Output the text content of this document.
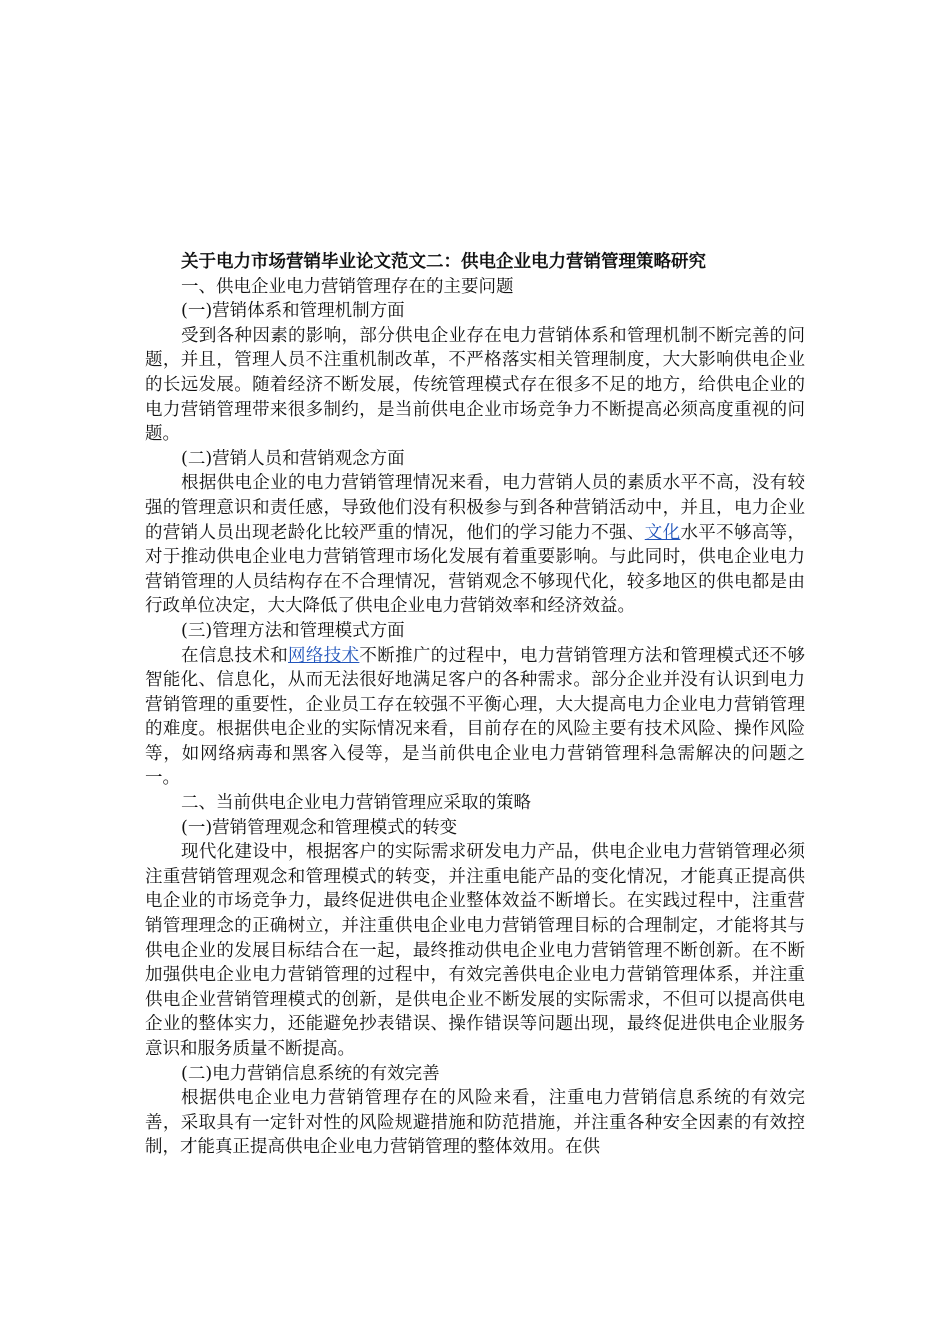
关于电力市场营销毕业论文范文二：供电企业电力营销管理策略研究

一、供电企业电力营销管理存在的主要问题

(一)营销体系和管理机制方面

受到各种因素的影响，部分供电企业存在电力营销体系和管理机制不断完善的问题，并且，管理人员不注重机制改革，不严格落实相关管理制度，大大影响供电企业的长远发展。随着经济不断发展，传统管理模式存在很多不足的地方，给供电企业的电力营销管理带来很多制约，是当前供电企业市场竞争力不断提高必须高度重视的问题。

(二)营销人员和营销观念方面

根据供电企业的电力营销管理情况来看，电力营销人员的素质水平不高，没有较强的管理意识和责任感，导致他们没有积极参与到各种营销活动中，并且，电力企业的营销人员出现老龄化比较严重的情况，他们的学习能力不强、文化水平不够高等，对于推动供电企业电力营销管理市场化发展有着重要影响。与此同时，供电企业电力营销管理的人员结构存在不合理情况，营销观念不够现代化，较多地区的供电都是由行政单位决定，大大降低了供电企业电力营销效率和经济效益。

(三)管理方法和管理模式方面

在信息技术和网络技术不断推广的过程中，电力营销管理方法和管理模式还不够智能化、信息化，从而无法很好地满足客户的各种需求。部分企业并没有认识到电力营销管理的重要性，企业员工存在较强不平衡心理，大大提高电力企业电力营销管理的难度。根据供电企业的实际情况来看，目前存在的风险主要有技术风险、操作风险等，如网络病毒和黑客入侵等，是当前供电企业电力营销管理科急需解决的问题之一。

二、当前供电企业电力营销管理应采取的策略

(一)营销管理观念和管理模式的转变

现代化建设中，根据客户的实际需求研发电力产品，供电企业电力营销管理必须注重营销管理观念和管理模式的转变，并注重电能产品的变化情况，才能真正提高供电企业的市场竞争力，最终促进供电企业整体效益不断增长。在实践过程中，注重营销管理理念的正确树立，并注重供电企业电力营销管理目标的合理制定，才能将其与供电企业的发展目标结合在一起，最终推动供电企业电力营销管理不断创新。在不断加强供电企业电力营销管理的过程中，有效完善供电企业电力营销管理体系，并注重供电企业营销管理模式的创新，是供电企业不断发展的实际需求，不但可以提高供电企业的整体实力，还能避免抄表错误、操作错误等问题出现，最终促进供电企业服务意识和服务质量不断提高。

(二)电力营销信息系统的有效完善

根据供电企业电力营销管理存在的风险来看，注重电力营销信息系统的有效完善，采取具有一定针对性的风险规避措施和防范措施，并注重各种安全因素的有效控制，才能真正提高供电企业电力营销管理的整体效用。在供
